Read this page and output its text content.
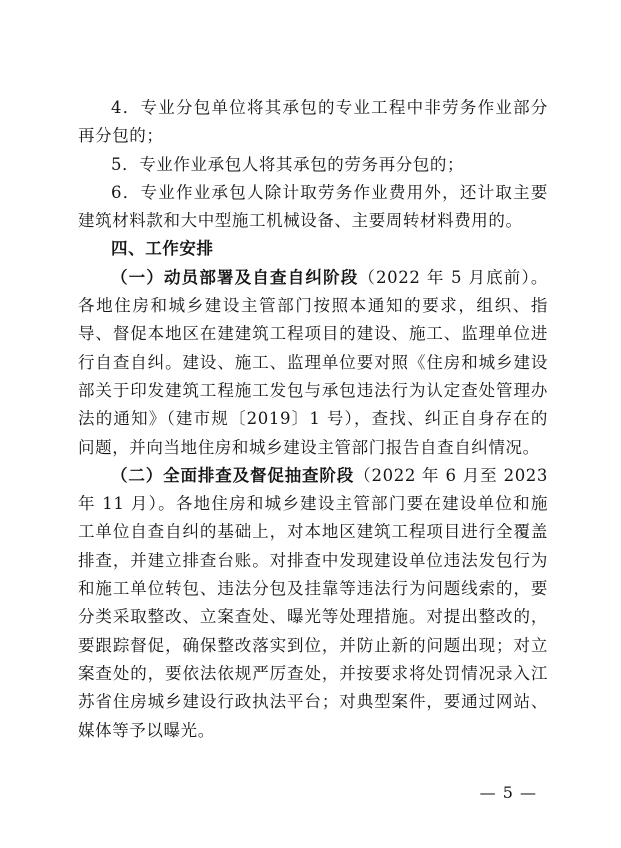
4．专业分包单位将其承包的专业工程中非劳务作业部分再分包的；

5．专业作业承包人将其承包的劳务再分包的；

6．专业作业承包人除计取劳务作业费用外，还计取主要建筑材料款和大中型施工机械设备、主要周转材料费用的。

四、工作安排

（一）动员部署及自查自纠阶段（2022 年 5 月底前）。各地住房和城乡建设主管部门按照本通知的要求，组织、指导、督促本地区在建建筑工程项目的建设、施工、监理单位进行自查自纠。建设、施工、监理单位要对照《住房和城乡建设部关于印发建筑工程施工发包与承包违法行为认定查处管理办法的通知》（建市规〔2019〕1 号），查找、纠正自身存在的问题，并向当地住房和城乡建设主管部门报告自查自纠情况。

（二）全面排查及督促抽查阶段（2022 年 6 月至 2023 年 11 月）。各地住房和城乡建设主管部门要在建设单位和施工单位自查自纠的基础上，对本地区建筑工程项目进行全覆盖排查，并建立排查台账。对排查中发现建设单位违法发包行为和施工单位转包、违法分包及挂靠等违法行为问题线索的，要分类采取整改、立案查处、曝光等处理措施。对提出整改的，要跟踪督促，确保整改落实到位，并防止新的问题出现；对立案查处的，要依法依规严厉查处，并按要求将处罚情况录入江苏省住房城乡建设行政执法平台；对典型案件，要通过网站、媒体等予以曝光。

— 5 —
